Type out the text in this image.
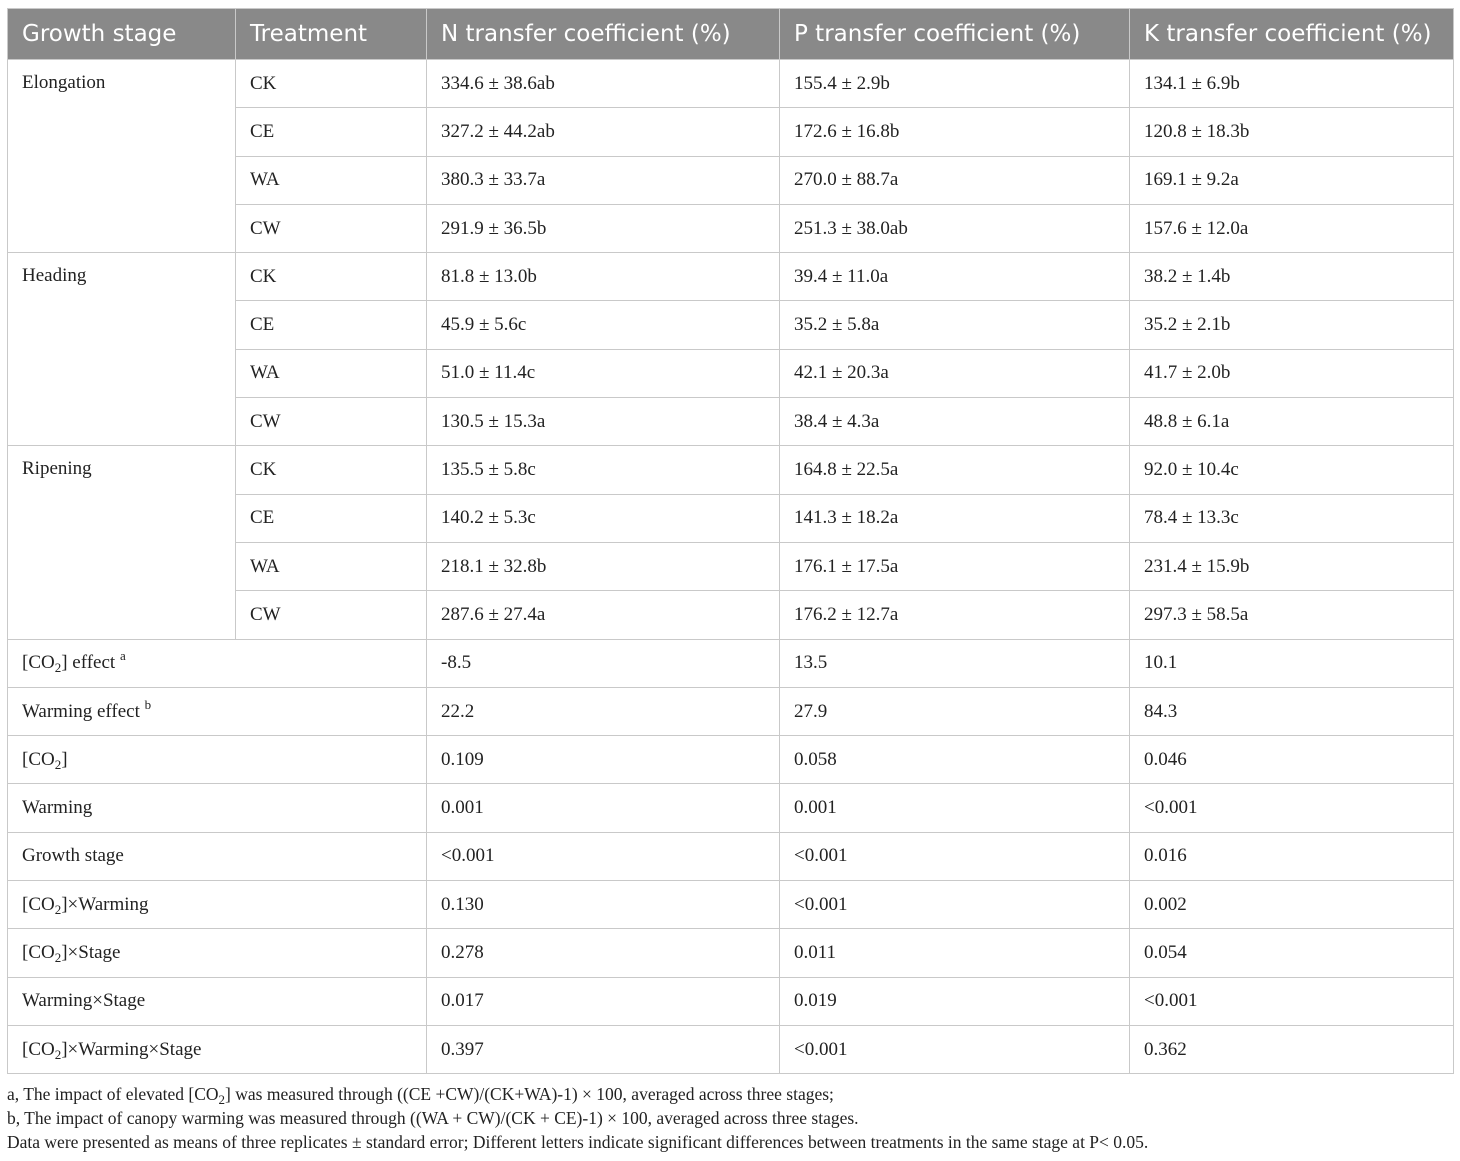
Growth stage	Treatment	N transfer coefficient (%)	P transfer coefficient (%)	K transfer coefficient (%)
Elongation	CK	334.6 ± 38.6ab	155.4 ± 2.9b	134.1 ± 6.9b
	CE	327.2 ± 44.2ab	172.6 ± 16.8b	120.8 ± 18.3b
	WA	380.3 ± 33.7a	270.0 ± 88.7a	169.1 ± 9.2a
	CW	291.9 ± 36.5b	251.3 ± 38.0ab	157.6 ± 12.0a
Heading	CK	81.8 ± 13.0b	39.4 ± 11.0a	38.2 ± 1.4b
	CE	45.9 ± 5.6c	35.2 ± 5.8a	35.2 ± 2.1b
	WA	51.0 ± 11.4c	42.1 ± 20.3a	41.7 ± 2.0b
	CW	130.5 ± 15.3a	38.4 ± 4.3a	48.8 ± 6.1a
Ripening	CK	135.5 ± 5.8c	164.8 ± 22.5a	92.0 ± 10.4c
	CE	140.2 ± 5.3c	141.3 ± 18.2a	78.4 ± 13.3c
	WA	218.1 ± 32.8b	176.1 ± 17.5a	231.4 ± 15.9b
	CW	287.6 ± 27.4a	176.2 ± 12.7a	297.3 ± 58.5a
$[CO_2]$ effect $^a$		-8.5	13.5	10.1
Warming effect $^b$		22.2	27.9	84.3
$[CO_2]$		0.109	0.058	0.046
Warming		0.001	0.001	<0.001
Growth stage		<0.001	<0.001	0.016
$[CO_2]\times Warming$		0.130	<0.001	0.002
$[CO_2]\times Stage$		0.278	0.011	0.054
Warming×Stage		0.017	0.019	<0.001
$[CO_2]\times Warming\times Stage$		0.397	<0.001	0.362
a, The impact of elevated $[CO_2]$ was measured through ((CE +CW)/(CK+WA)-1) × 100, averaged across three stages;
b, The impact of canopy warming was measured through ((WA + CW)/(CK + CE)-1) × 100, averaged across three stages.
Data were presented as means of three replicates ± standard error; Different letters indicate significant differences between treatments in the same stage at P< 0.05.
